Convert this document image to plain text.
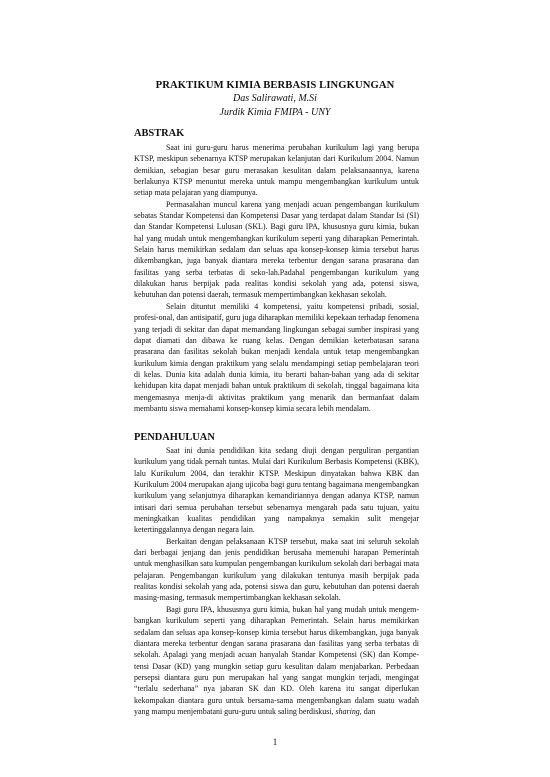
PRAKTIKUM KIMIA BERBASIS LINGKUNGAN
Das Salirawati, M.Si
Jurdik Kimia FMIPA - UNY
ABSTRAK

Saat ini guru-guru harus menerima perubahan kurikulum lagi yang berupa KTSP, meskipun sebenarnya KTSP merupakan kelanjutan dari Kurikulum 2004. Namun demikian, sebagian besar guru merasakan kesulitan dalam pelaksanaannya, karena berlakunya KTSP menuntut mereka untuk mampu mengembangkan kurikulum untuk setiap mata pelajaran yang diampunya.

Permasalahan muncul karena yang menjadi acuan pengembangan kurikulum sebatas Standar Kompetensi dan Kompetensi Dasar yang terdapat dalam Standar Isi (SI) dan Standar Kompetensi Lulusan (SKL). Bagi guru IPA, khususnya guru kimia, bukan hal yang mudah untuk mengembangkan kurikulum seperti yang diharapkan Pemerintah. Selain harus memikirkan sedalam dan seluas apa konsep-konsep kimia tersebut harus dikembangkan, juga banyak diantara mereka terbentur dengan sarana prasarana dan fasilitas yang serba terbatas di seko-lah.Padahal pengembangan kurikulum yang dilakukan harus berpijak pada realitas kondisi sekolah yang ada, potensi siswa, kebutuhan dan potensi daerah, termasuk mempertimbangkan kekhasan sekolah.

Selain dituntut memiliki 4 kompetensi, yaitu kompetensi pribadi, sosial, profesi-onal, dan antisipatif, guru juga diharapkan memiliki kepekaan terhadap fenomena yang terjadi di sekitar dan dapat memandang lingkungan sebagai sumber inspirasi yang dapat diamati dan dibawa ke ruang kelas. Dengan demikian keterbatasan sarana prasarana dan fasilitas sekolah bukan menjadi kendala untuk tetap mengembangkan kurikulum kimia dengan praktikum yang selalu mendampingi setiap pembelajaran teori di kelas. Dunia kita adalah dunia kimia, itu berarti bahan-bahan yang ada di sekitar kehidupan kita dapat menjadi bahan untuk praktikum di sekolah, tinggal bagaimana kita mengemasnya menja-di aktivitas praktikum yang menarik dan bermanfaat dalam membantu siswa memahami konsep-konsep kimia secara lebih mendalam.

PENDAHULUAN

Saat ini dunia pendidikan kita sedang diuji dengan perguliran pergantian kurikulum yang tidak pernah tuntas. Mulai dari Kurikulum Berbasis Kompetensi (KBK), lalu Kurikulum 2004, dan terakhir KTSP. Meskipun dinyatakan bahwa KBK dan Kurikulum 2004 merupakan ajang ujicoba bagi guru tentang bagaimana mengembangkan kurikulum yang selanjutnya diharapkan kemandiriannya dengan adanya KTSP, namun intisari dari semua perubahan tersebut sebenarnya mengarah pada satu tujuan, yaitu meningkatkan kualitas pendidikan yang nampaknya semakin sulit mengejar ketertinggalannya dengan negara lain.

Berkaitan dengan pelaksanaan KTSP tersebut, maka saat ini seluruh sekolah dari berbagai jenjang dan jenis pendidikan berusaha memenuhi harapan Pemerintah untuk menghasilkan satu kumpulan pengembangan kurikulum sekolah dari berbagai mata pelajaran. Pengembangan kurikulum yang dilakukan tentunya masih berpijak pada realitas kondisi sekolah yang ada, potensi siswa dan guru, kebutuhan dan potensi daerah masing-masing, termasuk mempertimbangkan kekhasan sekolah.

Bagi guru IPA, khususnya guru kimia, bukan hal yang mudah untuk mengem-bangkan kurikulum seperti yang diharapkan Pemerintah. Selain harus memikirkan sedalam dan seluas apa konsep-konsep kimia tersebut harus dikembangkan, juga banyak diantara mereka terbentur dengan sarana prasarana dan fasilitas yang serba terbatas di sekolah. Apalagi yang menjadi acuan hanyalah Standar Kompetensi (SK) dan Kompe-tensi Dasar (KD) yang mungkin setiap guru kesulitan dalam menjabarkan. Perbedaan persepsi diantara guru pun merupakan hal yang sangat mungkin terjadi, mengingat “terlalu sederhana” nya jabaran SK dan KD. Oleh karena itu sangat diperlukan kekompakan diantara guru untuk bersama-sama mengembangkan dalam suatu wadah yang mampu menjembatani guru-guru untuk saling berdiskusi, sharing, dan

1
